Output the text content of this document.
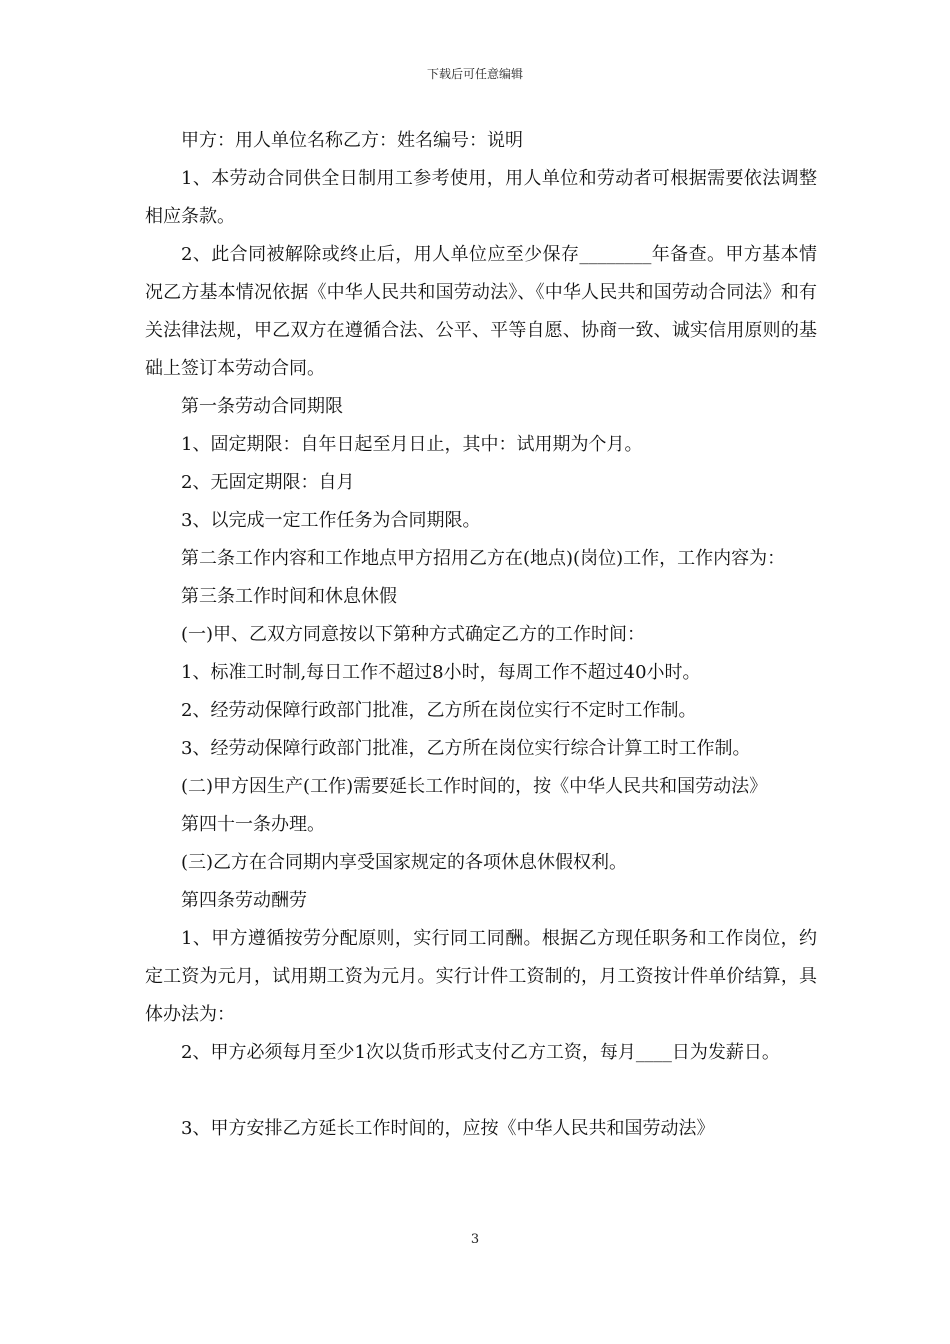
下载后可任意编辑

甲方：用人单位名称乙方：姓名编号：说明

1、本劳动合同供全日制用工参考使用，用人单位和劳动者可根据需要依法调整相应条款。

2、此合同被解除或终止后，用人单位应至少保存________年备查。甲方基本情况乙方基本情况依据《中华人民共和国劳动法》、《中华人民共和国劳动合同法》和有关法律法规，甲乙双方在遵循合法、公平、平等自愿、协商一致、诚实信用原则的基础上签订本劳动合同。

第一条劳动合同期限

1、固定期限：自年日起至月日止，其中：试用期为个月。

2、无固定期限：自月

3、以完成一定工作任务为合同期限。

第二条工作内容和工作地点甲方招用乙方在(地点)(岗位)工作，工作内容为：

第三条工作时间和休息休假

(一)甲、乙双方同意按以下第种方式确定乙方的工作时间：

1、标准工时制,每日工作不超过8小时，每周工作不超过40小时。

2、经劳动保障行政部门批准，乙方所在岗位实行不定时工作制。

3、经劳动保障行政部门批准，乙方所在岗位实行综合计算工时工作制。

(二)甲方因生产(工作)需要延长工作时间的，按《中华人民共和国劳动法》

第四十一条办理。

(三)乙方在合同期内享受国家规定的各项休息休假权利。

第四条劳动酬劳

1、甲方遵循按劳分配原则，实行同工同酬。根据乙方现任职务和工作岗位，约定工资为元月，试用期工资为元月。实行计件工资制的，月工资按计件单价结算，具体办法为：

2、甲方必须每月至少1次以货币形式支付乙方工资，每月____日为发薪日。

3、甲方安排乙方延长工作时间的，应按《中华人民共和国劳动法》

3
